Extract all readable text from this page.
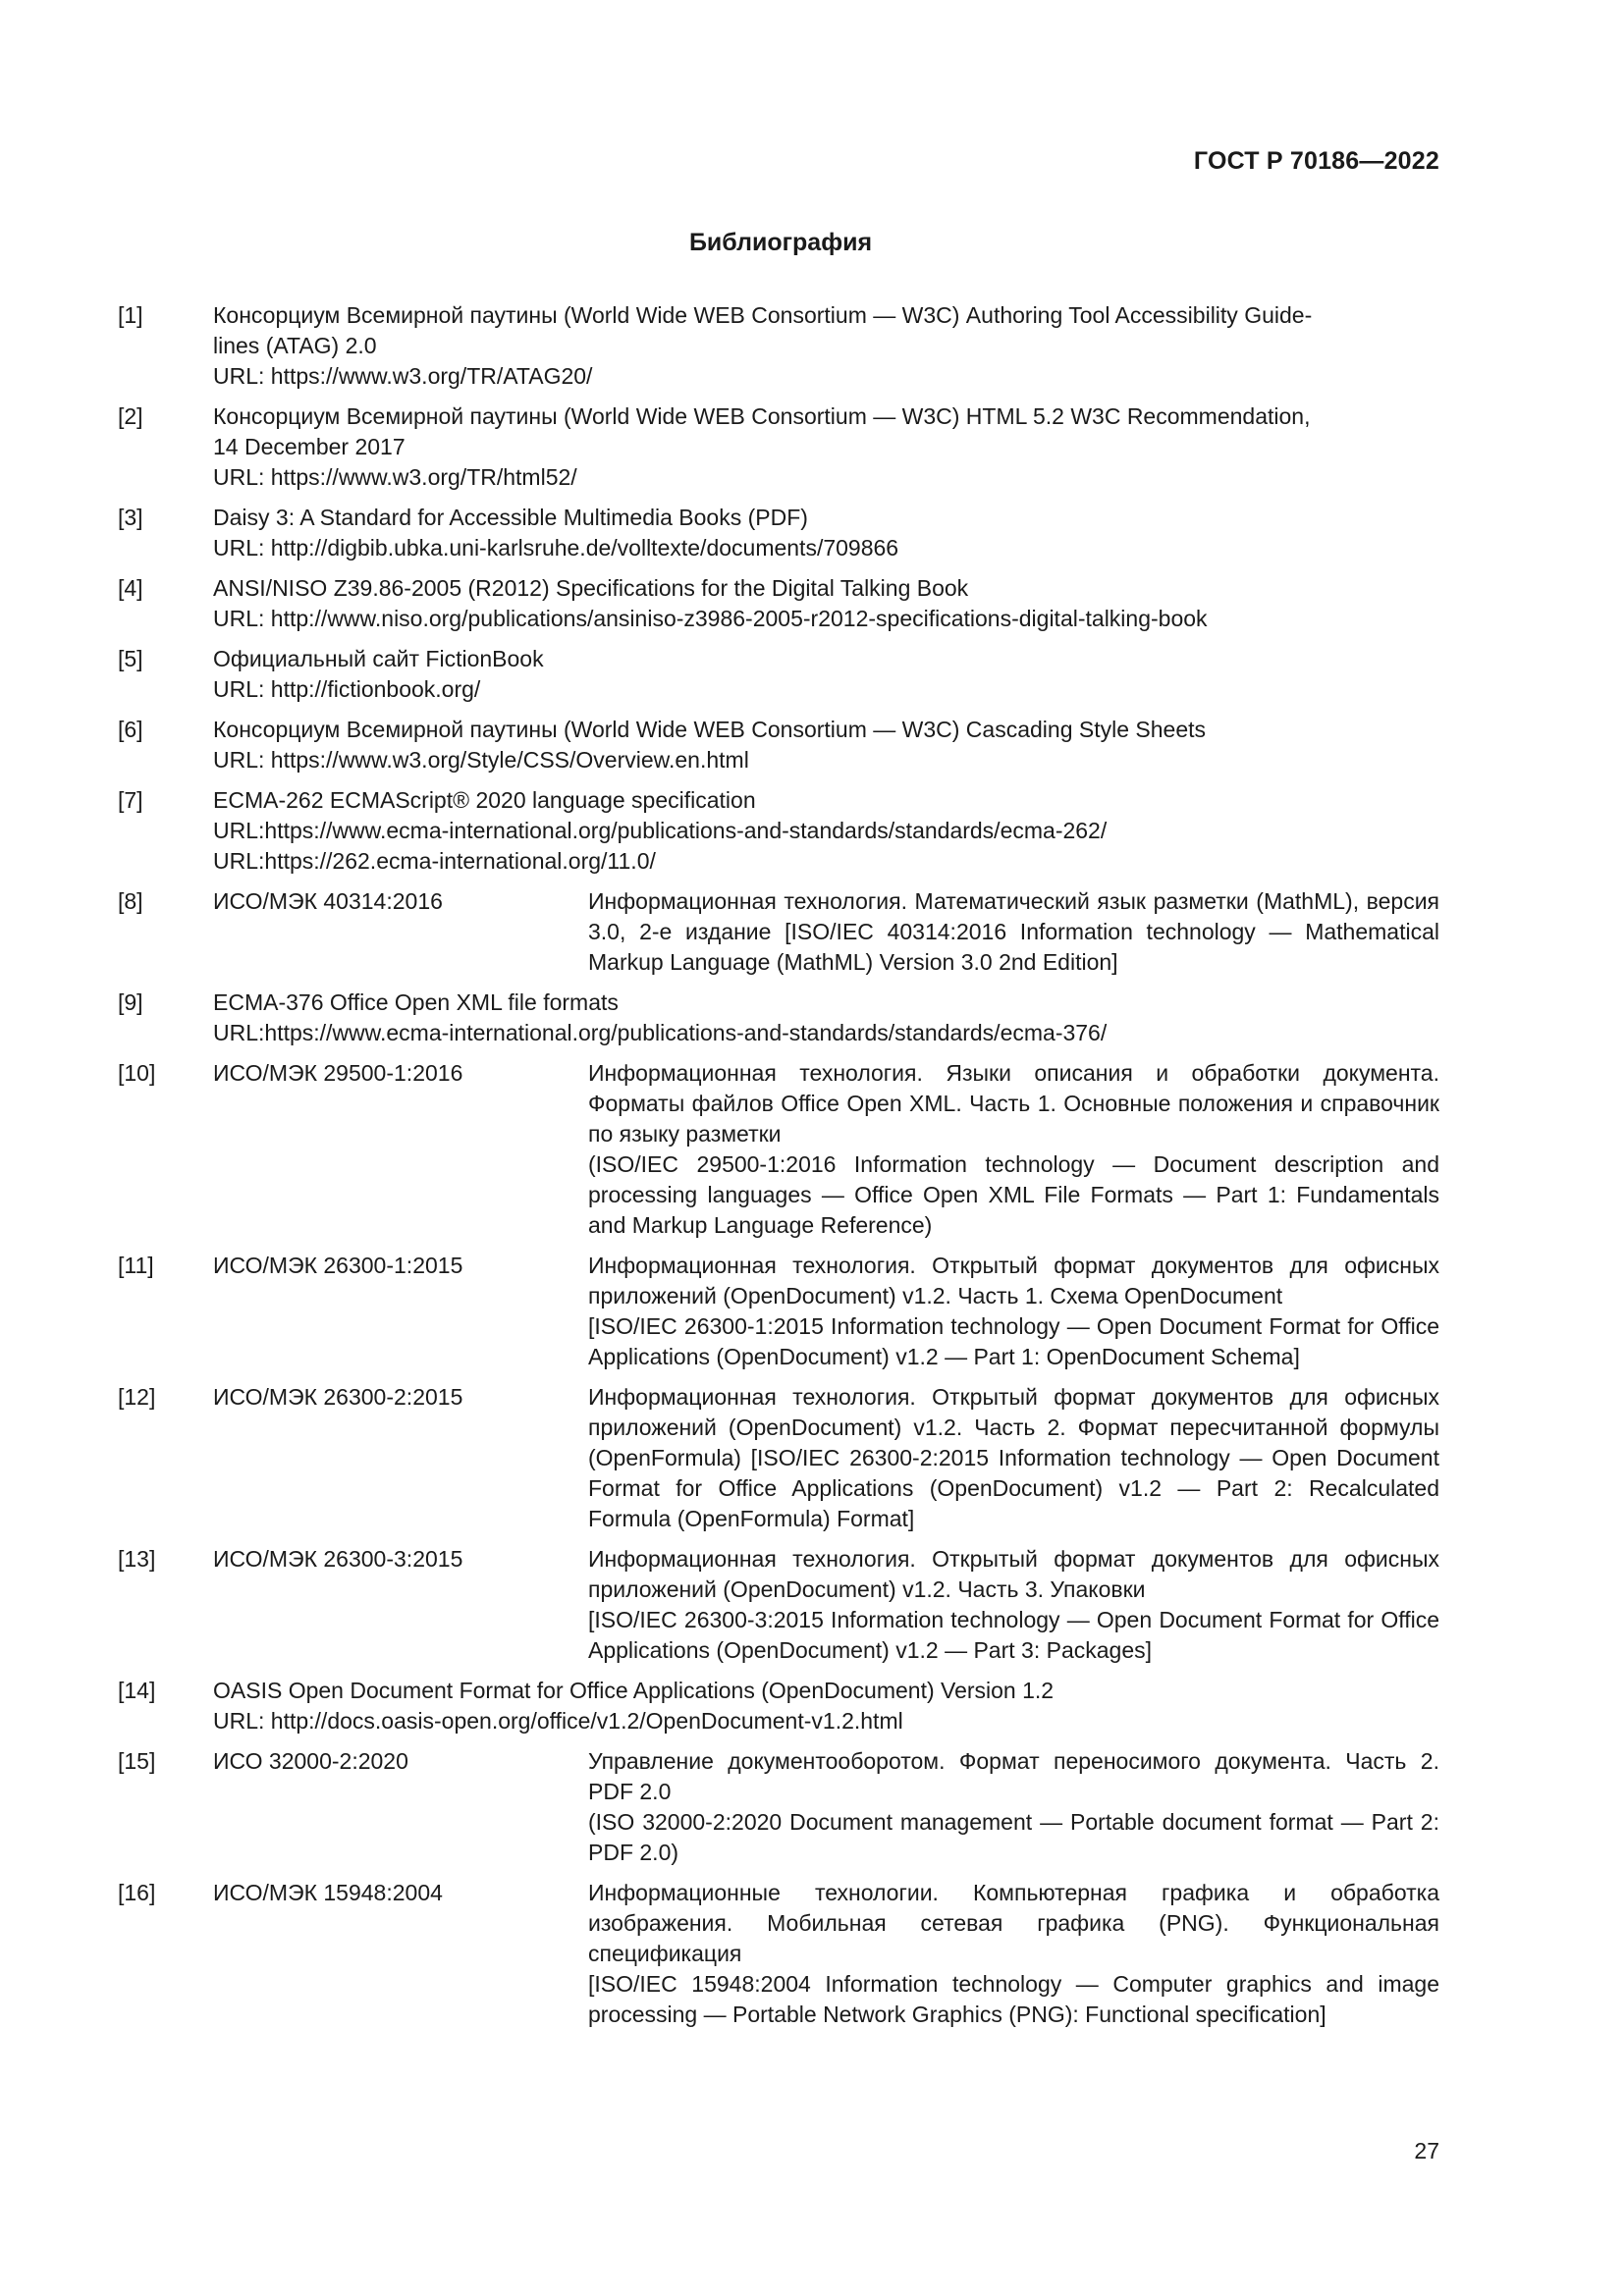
ГОСТ Р 70186—2022
Библиография
[1]	Консорциум Всемирной паутины (World Wide WEB Consortium — W3C) Authoring Tool Accessibility Guide-
lines (ATAG) 2.0
URL: https://www.w3.org/TR/ATAG20/
[2]	Консорциум Всемирной паутины (World Wide WEB Consortium — W3C) HTML 5.2 W3C Recommendation,
14 December 2017
URL: https://www.w3.org/TR/html52/
[3]	Daisy 3: A Standard for Accessible Multimedia Books (PDF)
URL: http://digbib.ubka.uni-karlsruhe.de/volltexte/documents/709866
[4]	ANSI/NISO Z39.86-2005 (R2012) Specifications for the Digital Talking Book
URL: http://www.niso.org/publications/ansiniso-z3986-2005-r2012-specifications-digital-talking-book
[5]	Официальный сайт FictionBook
URL: http://fictionbook.org/
[6]	Консорциум Всемирной паутины (World Wide WEB Consortium — W3C) Cascading Style Sheets
URL: https://www.w3.org/Style/CSS/Overview.en.html
[7]	ECMA-262 ECMAScript® 2020 language specification
URL:https://www.ecma-international.org/publications-and-standards/standards/ecma-262/
URL:https://262.ecma-international.org/11.0/
[8]	ИСО/МЭК 40314:2016	Информационная технология. Математический язык разметки (MathML), версия 3.0, 2-е издание [ISO/IEC 40314:2016 Information technology — Mathematical Markup Language (MathML) Version 3.0 2nd Edition]
[9]	ECMA-376 Office Open XML file formats
URL:https://www.ecma-international.org/publications-and-standards/standards/ecma-376/
[10]	ИСО/МЭК 29500-1:2016	Информационная технология. Языки описания и обработки документа. Форматы файлов Office Open XML. Часть 1. Основные положения и справочник по языку разметки
(ISO/IEC 29500-1:2016 Information technology — Document description and processing languages — Office Open XML File Formats — Part 1: Fundamentals and Markup Language Reference)
[11]	ИСО/МЭК 26300-1:2015	Информационная технология. Открытый формат документов для офисных приложений (OpenDocument) v1.2. Часть 1. Схема OpenDocument
[ISO/IEC 26300-1:2015 Information technology — Open Document Format for Office Applications (OpenDocument) v1.2 — Part 1: OpenDocument Schema]
[12]	ИСО/МЭК 26300-2:2015	Информационная технология. Открытый формат документов для офисных приложений (OpenDocument) v1.2. Часть 2. Формат пересчитанной формулы (OpenFormula) [ISO/IEC 26300-2:2015 Information technology — Open Document Format for Office Applications (OpenDocument) v1.2 — Part 2: Recalculated Formula (OpenFormula) Format]
[13]	ИСО/МЭК 26300-3:2015	Информационная технология. Открытый формат документов для офисных приложений (OpenDocument) v1.2. Часть 3. Упаковки
[ISO/IEC 26300-3:2015 Information technology — Open Document Format for Office Applications (OpenDocument) v1.2 — Part 3: Packages]
[14]	OASIS Open Document Format for Office Applications (OpenDocument) Version 1.2
URL: http://docs.oasis-open.org/office/v1.2/OpenDocument-v1.2.html
[15]	ИСО 32000-2:2020	Управление документооборотом. Формат переносимого документа. Часть 2. PDF 2.0
(ISO 32000-2:2020 Document management — Portable document format — Part 2: PDF 2.0)
[16]	ИСО/МЭК 15948:2004	Информационные технологии. Компьютерная графика и обработка изображения. Мобильная сетевая графика (PNG). Функциональная спецификация
[ISO/IEC 15948:2004 Information technology — Computer graphics and image processing — Portable Network Graphics (PNG): Functional specification]
27
